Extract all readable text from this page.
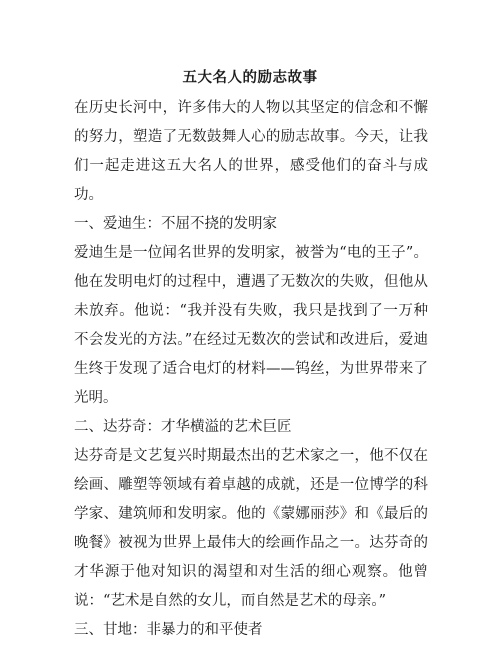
五大名人的励志故事

在历史长河中，许多伟大的人物以其坚定的信念和不懈的努力，塑造了无数鼓舞人心的励志故事。今天，让我们一起走进这五大名人的世界，感受他们的奋斗与成功。

一、爱迪生：不屈不挠的发明家

爱迪生是一位闻名世界的发明家，被誉为“电的王子”。他在发明电灯的过程中，遭遇了无数次的失败，但他从未放弃。他说：“我并没有失败，我只是找到了一万种不会发光的方法。”在经过无数次的尝试和改进后，爱迪生终于发现了适合电灯的材料——钨丝，为世界带来了光明。

二、达芬奇：才华横溢的艺术巨匠

达芬奇是文艺复兴时期最杰出的艺术家之一，他不仅在绘画、雕塑等领域有着卓越的成就，还是一位博学的科学家、建筑师和发明家。他的《蒙娜丽莎》和《最后的晚餐》被视为世界上最伟大的绘画作品之一。达芬奇的才华源于他对知识的渴望和对生活的细心观察。他曾说：“艺术是自然的女儿，而自然是艺术的母亲。”

三、甘地：非暴力的和平使者
